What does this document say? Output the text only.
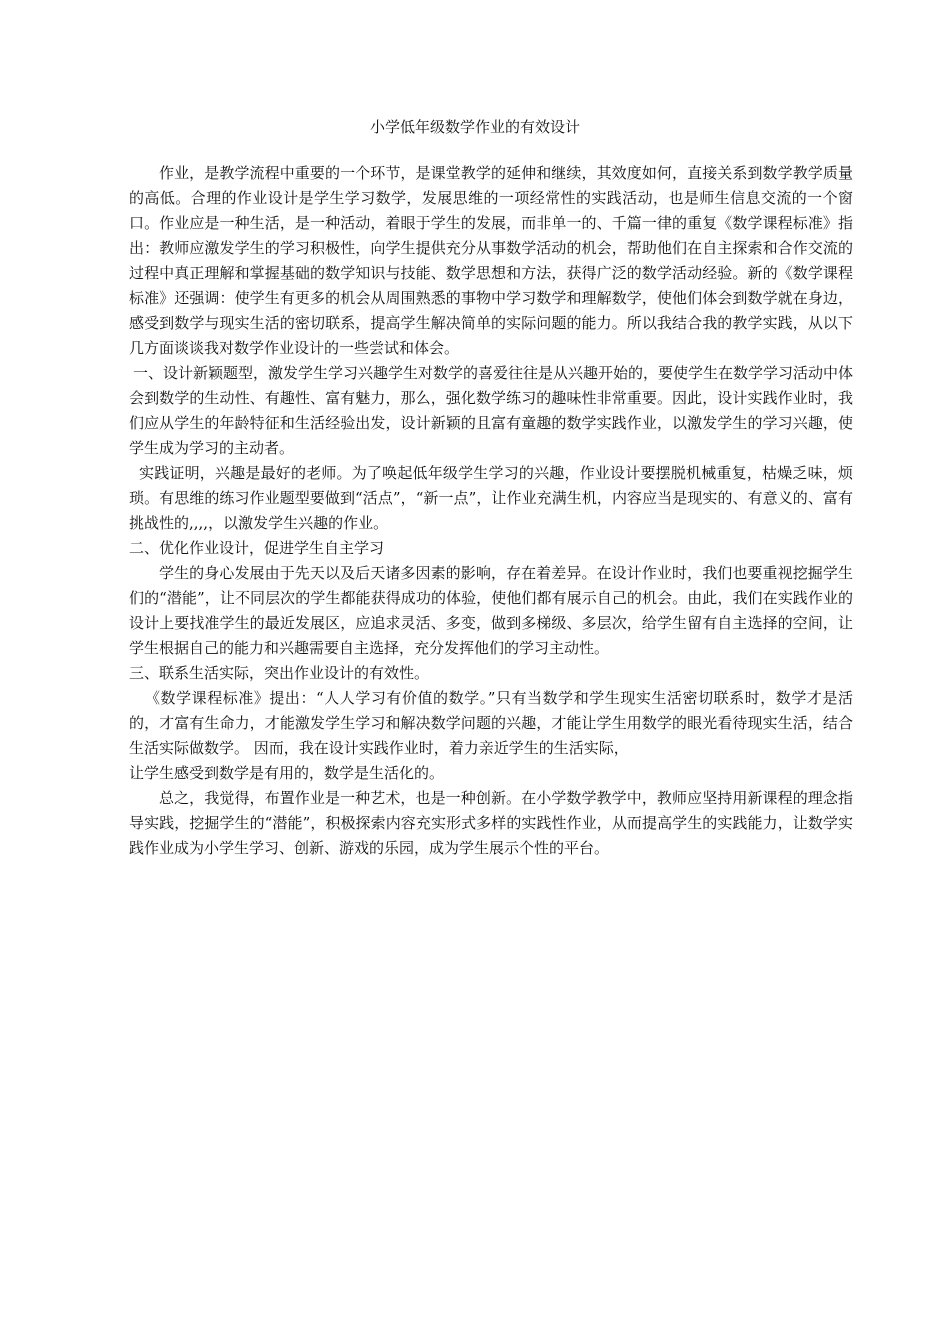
小学低年级数学作业的有效设计

作业，是教学流程中重要的一个环节，是课堂教学的延伸和继续，其效度如何，直接关系到数学教学质量的高低。合理的作业设计是学生学习数学，发展思维的一项经常性的实践活动，也是师生信息交流的一个窗口。作业应是一种生活，是一种活动，着眼于学生的发展，而非单一的、千篇一律的重复《数学课程标准》指出：教师应激发学生的学习积极性，向学生提供充分从事数学活动的机会，帮助他们在自主探索和合作交流的过程中真正理解和掌握基础的数学知识与技能、数学思想和方法，获得广泛的数学活动经验。新的《数学课程标准》还强调：使学生有更多的机会从周围熟悉的事物中学习数学和理解数学，使他们体会到数学就在身边，感受到数学与现实生活的密切联系，提高学生解决简单的实际问题的能力。所以我结合我的教学实践，从以下几方面谈谈我对数学作业设计的一些尝试和体会。

一、设计新颖题型，激发学生学习兴趣学生对数学的喜爱往往是从兴趣开始的，要使学生在数学学习活动中体会到数学的生动性、有趣性、富有魅力，那么，强化数学练习的趣味性非常重要。因此，设计实践作业时，我们应从学生的年龄特征和生活经验出发，设计新颖的且富有童趣的数学实践作业，以激发学生的学习兴趣，使学生成为学习的主动者。

实践证明，兴趣是最好的老师。为了唤起低年级学生学习的兴趣，作业设计要摆脱机械重复，枯燥乏味，烦琐。有思维的练习作业题型要做到“活点”，“新一点”，让作业充满生机，内容应当是现实的、有意义的、富有挑战性的,,,,，以激发学生兴趣的作业。

二、优化作业设计，促进学生自主学习

学生的身心发展由于先天以及后天诸多因素的影响，存在着差异。在设计作业时，我们也要重视挖掘学生们的“潜能”，让不同层次的学生都能获得成功的体验，使他们都有展示自己的机会。由此，我们在实践作业的设计上要找准学生的最近发展区，应追求灵活、多变，做到多梯级、多层次，给学生留有自主选择的空间，让学生根据自己的能力和兴趣需要自主选择，充分发挥他们的学习主动性。

三、联系生活实际，突出作业设计的有效性。

《数学课程标准》提出：“人人学习有价值的数学。”只有当数学和学生现实生活密切联系时，数学才是活的，才富有生命力，才能激发学生学习和解决数学问题的兴趣，才能让学生用数学的眼光看待现实生活，结合生活实际做数学。 因而，我在设计实践作业时，着力亲近学生的生活实际，

让学生感受到数学是有用的，数学是生活化的。

总之，我觉得，布置作业是一种艺术，也是一种创新。在小学数学教学中，教师应坚持用新课程的理念指导实践，挖掘学生的“潜能”，积极探索内容充实形式多样的实践性作业，从而提高学生的实践能力，让数学实践作业成为小学生学习、创新、游戏的乐园，成为学生展示个性的平台。
